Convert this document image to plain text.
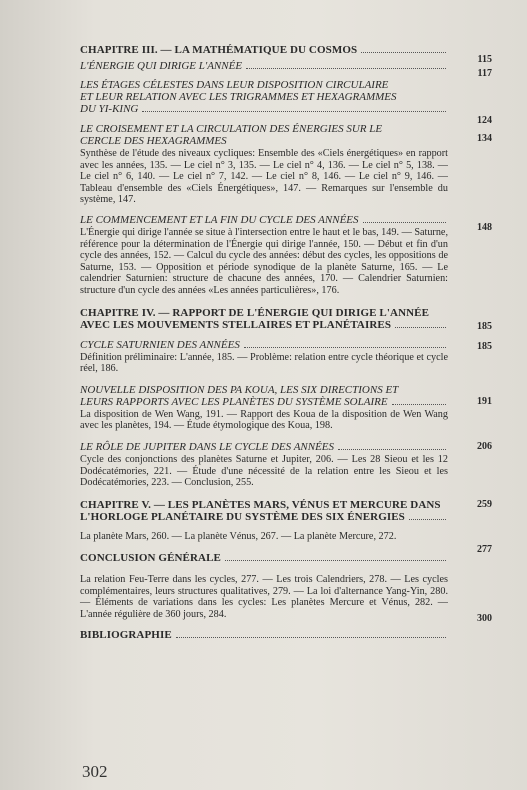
CHAPITRE III. — LA MATHÉMATIQUE DU COSMOS
115
L'ÉNERGIE QUI DIRIGE L'ANNÉE
117
LES ÉTAGES CÉLESTES DANS LEUR DISPOSITION CIRCULAIRE
ET LEUR RELATION AVEC LES TRIGRAMMES ET HEXAGRAMMES
DU YI-KING
124
LE CROISEMENT ET LA CIRCULATION DES ÉNERGIES SUR LE
CERCLE DES HEXAGRAMMES
Synthèse de l'étude des niveaux cycliques: Ensemble des «Ciels énergétiques» en rapport avec les années, 135. — Le ciel n° 3, 135. — Le ciel n° 4, 136. — Le ciel n° 5, 138. — Le ciel n° 6, 140. — Le ciel n° 7, 142. — Le ciel n° 8, 146. — Le ciel n° 9, 146. — Tableau d'ensemble des «Ciels Énergétiques», 147. — Remarques sur l'ensemble du système, 147.
134
LE COMMENCEMENT ET LA FIN DU CYCLE DES ANNÉES
L'Énergie qui dirige l'année se situe à l'intersection entre le haut et le bas, 149. — Saturne, référence pour la détermination de l'Énergie qui dirige l'année, 150. — Début et fin d'un cycle des années, 152. — Calcul du cycle des années: début des cycles, les oppositions de Saturne, 153. — Opposition et période synodique de la planète Saturne, 165. — Le calendrier Saturnien: structure de chacune des années, 170. — Calendrier Saturnien: structure d'un cycle des années «Les années particulières», 176.
148
CHAPITRE IV. — RAPPORT DE L'ÉNERGIE QUI DIRIGE L'ANNÉE
AVEC LES MOUVEMENTS STELLAIRES ET PLANÉTAIRES	185
CYCLE SATURNIEN DES ANNÉES
Définition préliminaire: L'année, 185. — Problème: relation entre cycle théorique et cycle réel, 186.
185
NOUVELLE DISPOSITION DES PA KOUA, LES SIX DIRECTIONS ET
LEURS RAPPORTS AVEC LES PLANÈTES DU SYSTÈME SOLAIRE
La disposition de Wen Wang, 191. — Rapport des Koua de la disposition de Wen Wang avec les planètes, 194. — Étude étymologique des Koua, 198.
191
LE RÔLE DE JUPITER DANS LE CYCLE DES ANNÉES
Cycle des conjonctions des planètes Saturne et Jupiter, 206. — Les 28 Sieou et les 12 Dodécatémories, 221. — Étude d'une nécessité de la relation entre les Sieou et les Dodécatémories, 223. — Conclusion, 255.
206
CHAPITRE V. — LES PLANÈTES MARS, VÉNUS ET MERCURE DANS
L'HORLOGE PLANÉTAIRE DU SYSTÈME DES SIX ÉNERGIES
La planète Mars, 260. — La planète Vénus, 267. — La planète Mercure, 272.
259
CONCLUSION GÉNÉRALE
La relation Feu-Terre dans les cycles, 277. — Les trois Calendriers, 278. — Les cycles complémentaires, leurs structures qualitatives, 279. — La loi d'alternance Yang-Yin, 280. — Éléments de variations dans les cycles: Les planètes Mercure et Vénus, 282. — L'année régulière de 360 jours, 284.
277
BIBLIOGRAPHIE
300
302
